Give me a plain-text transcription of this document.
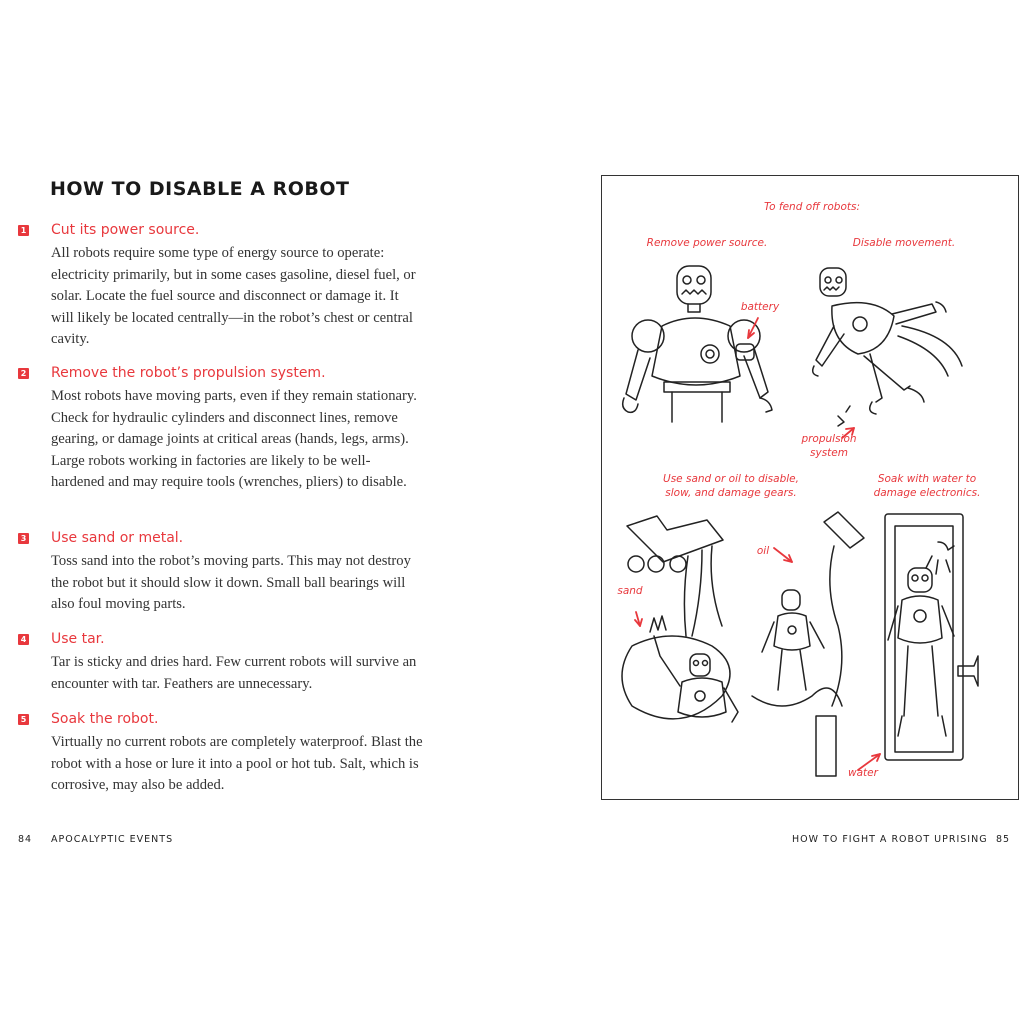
HOW TO DISABLE A ROBOT
1 Cut its power source.
All robots require some type of energy source to operate: electricity primarily, but in some cases gasoline, diesel fuel, or solar. Locate the fuel source and disconnect or damage it. It will likely be located centrally—in the robot’s chest or central cavity.
2 Remove the robot’s propulsion system.
Most robots have moving parts, even if they remain stationary. Check for hydraulic cylinders and disconnect lines, remove gearing, or damage joints at critical areas (hands, legs, arms). Large robots working in factories are likely to be well-hardened and may require tools (wrenches, pliers) to disable.
3 Use sand or metal.
Toss sand into the robot’s moving parts. This may not destroy the robot but it should slow it down. Small ball bearings will also foul moving parts.
4 Use tar.
Tar is sticky and dries hard. Few current robots will survive an encounter with tar. Feathers are unnecessary.
5 Soak the robot.
Virtually no current robots are completely waterproof. Blast the robot with a hose or lure it into a pool or hot tub. Salt, which is corrosive, may also be added.
84 APOCALYPTIC EVENTS
To fend off robots:
Remove power source.	Disable movement.
battery
propulsion system
Use sand or oil to disable, slow, and damage gears.
Soak with water to damage electronics.
oil
sand
water
HOW TO FIGHT A ROBOT UPRISING 85
